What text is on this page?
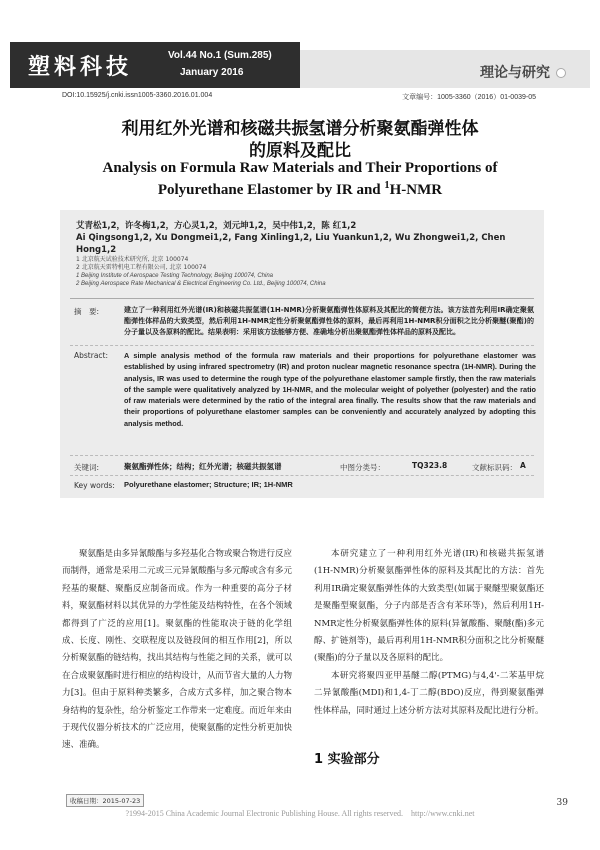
塑料科技	Vol.44 No.1 (Sum.285)
January 2016	理论与研究
DOI:10.15925/j.cnki.issn1005-3360.2016.01.004	文章编号：1005-3360（2016）01-0039-05
利用红外光谱和核磁共振氢谱分析聚氨酯弹性体
的原料及配比
Analysis on Formula Raw Materials and Their Proportions of
Polyurethane Elastomer by IR and $^1$H-NMR
艾青松1,2，许冬梅1,2，方心灵1,2，刘元坤1,2，吴中伟1,2，陈 红1,2
Ai Qingsong1,2, Xu Dongmei1,2, Fang Xinling1,2, Liu Yuankun1,2, Wu Zhongwei1,2, Chen Hong1,2
1 北京航天试验技术研究所, 北京 100074
2 北京航天雷特机电工程有限公司, 北京 100074
1 Beijing Institute of Aerospace Testing Technology, Beijing 100074, China
2 Beijing Aerospace Rate Mechanical & Electrical Engineering Co. Ltd., Beijing 100074, China
摘　要:	建立了一种利用红外光谱(IR)和核磁共振氢谱(1H-NMR)分析聚氨酯弹性体原料及其配比的简便方法。该方法首先利用IR确定聚氨酯弹性体样品的大致类型，然后利用1H-NMR定性分析聚氨酯弹性体的原料，最后再利用1H-NMR积分面积之比分析聚醚(聚酯)的分子量以及各原料的配比。结果表明：采用该方法能够方便、准确地分析出聚氨酯弹性体样品的原料及配比。
Abstract: A simple analysis method of the formula raw materials and their proportions for polyurethane elastomer was established by using infrared spectrometry (IR) and proton nuclear magnetic resonance spectra (1H-NMR). During the analysis, IR was used to determine the rough type of the polyurethane elastomer sample firstly, then the raw materials of the sample were qualitatively analyzed by 1H-NMR, and the molecular weight of polyether (polyester) and the ratio of raw materials were determined by the ratio of the integral area finally. The results show that the raw materials and their proportions of polyurethane elastomer samples can be conveniently and accurately analyzed by adopting this analysis method.
关键词:	聚氨酯弹性体；结构；红外光谱；核磁共振氢谱	中图分类号：	TQ323.8	文献标识码： A
Key words: Polyurethane elastomer; Structure; IR; 1H-NMR

聚氨酯是由多异氰酸酯与多羟基化合物或聚合物进行反应而制得，通常是采用二元或三元异氰酸酯与多元醇或含有多元羟基的聚醚、聚酯反应制备而成。作为一种重要的高分子材料，聚氨酯材料以其优异的力学性能及结构特性，在各个领域都得到了广泛的应用[1]。聚氨酯的性能取决于链的化学组成、长度、刚性、交联程度以及链段间的相互作用[2]，所以分析聚氨酯的链结构，找出其结构与性能之间的关系，就可以在合成聚氨酯时进行相应的结构设计，从而节省大量的人力物力[3]。但由于原料种类繁多，合成方式多样，加之聚合物本身结构的复杂性，给分析鉴定工作带来一定难度。而近年来由于现代仪器分析技术的广泛应用，使聚氨酯的定性分析更加快速、准确。

本研究建立了一种利用红外光谱(IR)和核磁共振氢谱(1H-NMR)分析聚氨酯弹性体的原料及其配比的方法：首先利用IR确定聚氨酯弹性体的大致类型(如属于聚醚型聚氨酯还是聚酯型聚氨酯，分子内部是否含有苯环等)，然后利用1H-NMR定性分析聚氨酯弹性体的原料(异氰酸酯、聚醚(酯)多元醇、扩链剂等)，最后再利用1H-NMR积分面积之比分析聚醚(聚酯)的分子量以及各原料的配比。

本研究将聚四亚甲基醚二醇(PTMG)与4,4'-二苯基甲烷二异氰酸酯(MDI)和1,4-丁二醇(BDO)反应，得到聚氨酯弹性体样品，同时通过上述分析方法对其原料及配比进行分析。

1 实验部分
收稿日期：2015-07-23	39
?1994-2015 China Academic Journal Electronic Publishing House. All rights reserved.　http://www.cnki.net
